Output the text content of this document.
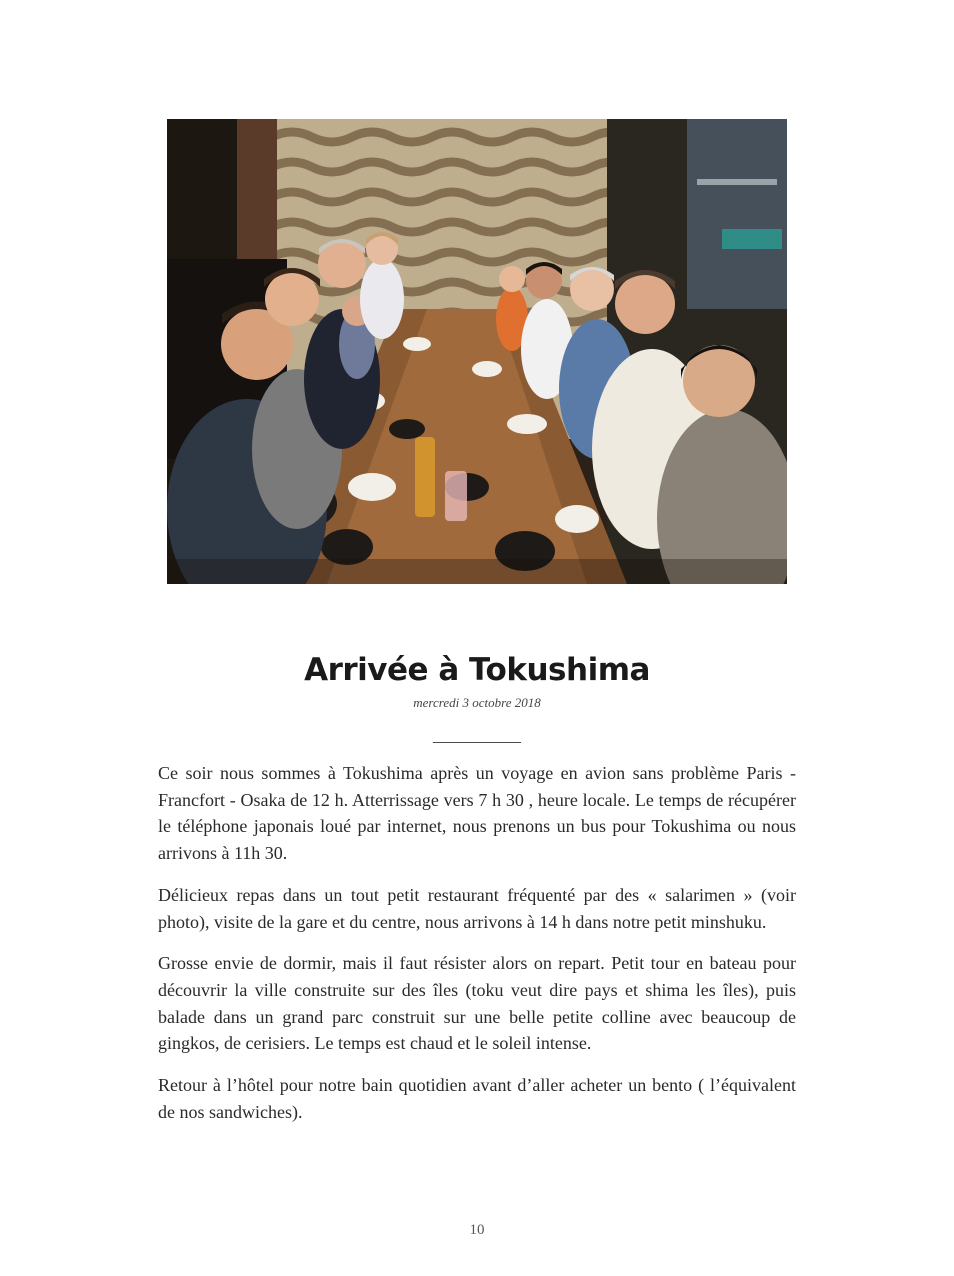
Arrivée à Tokushima
mercredi 3 octobre 2018
___________

Ce soir nous sommes à Tokushima après un voyage en avion sans problème Paris -Francfort - Osaka de 12 h. Atterrissage vers 7 h 30 , heure locale. Le temps de récupérer le téléphone japonais loué par internet, nous prenons un bus pour Tokushima ou nous arrivons à 11h 30.

Délicieux repas dans un tout petit restaurant fréquenté par des « salarimen » (voir photo), visite de la gare et du centre, nous arrivons à 14 h dans notre petit minshuku.

Grosse envie de dormir, mais il faut résister alors on repart. Petit tour en bateau pour découvrir la ville construite sur des îles (toku veut dire pays et shima les îles), puis balade dans un grand parc construit sur une belle petite colline avec beaucoup de gingkos, de cerisiers. Le temps est chaud et le soleil intense.

Retour à l’hôtel pour notre bain quotidien avant d’aller acheter un bento ( l’équivalent de nos sandwiches).

10
